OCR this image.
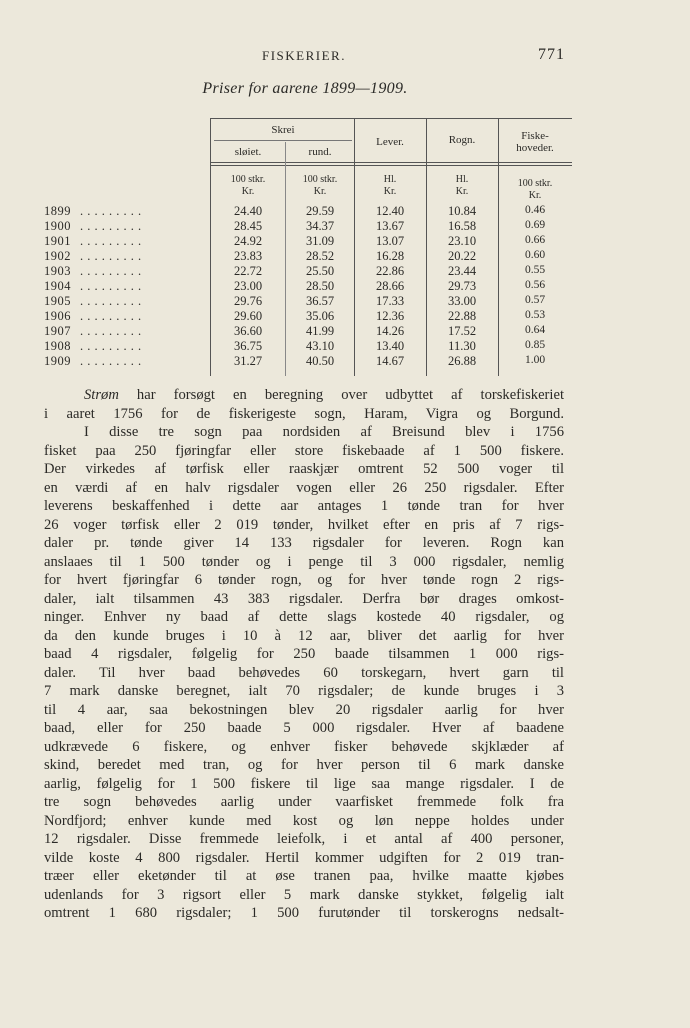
FISKERIER.	771
Priser for aarene 1899—1909.
Skrei
sløiet.	rund.
Lever.	Rogn.	Fiske-
hoveder.
100 stkr.
Kr.
100 stkr.
Kr.
Hl.
Kr.
Hl.
Kr.
100 stkr.
Kr.
1899 . . . . . . . . .	24.40	29.59	12.40	10.84	0.46
1900 . . . . . . . . .	28.45	34.37	13.67	16.58	0.69
1901 . . . . . . . . .	24.92	31.09	13.07	23.10	0.66
1902 . . . . . . . . .	23.83	28.52	16.28	20.22	0.60
1903 . . . . . . . . .	22.72	25.50	22.86	23.44	0.55
1904 . . . . . . . . .	23.00	28.50	28.66	29.73	0.56
1905 . . . . . . . . .	29.76	36.57	17.33	33.00	0.57
1906 . . . . . . . . .	29.60	35.06	12.36	22.88	0.53
1907 . . . . . . . . .	36.60	41.99	14.26	17.52	0.64
1908 . . . . . . . . .	36.75	43.10	13.40	11.30	0.85
1909 . . . . . . . . .	31.27	40.50	14.67	26.88	1.00
Strøm har forsøgt en beregning over udbyttet af torskefiskeriet
i aaret 1756 for de fiskerigeste sogn, Haram, Vigra og Borgund.
I disse tre sogn paa nordsiden af Breisund blev i 1756
fisket paa 250 fjøringfar eller store fiskebaade af 1 500 fiskere.
Der virkedes af tørfisk eller raaskjær omtrent 52 500 voger til
en værdi af en halv rigsdaler vogen eller 26 250 rigsdaler. Efter
leverens beskaffenhed i dette aar antages 1 tønde tran for hver
26 voger tørfisk eller 2 019 tønder, hvilket efter en pris af 7 rigs-
daler pr. tønde giver 14 133 rigsdaler for leveren. Rogn kan
anslaaes til 1 500 tønder og i penge til 3 000 rigsdaler, nemlig
for hvert fjøringfar 6 tønder rogn, og for hver tønde rogn 2 rigs-
daler, ialt tilsammen 43 383 rigsdaler. Derfra bør drages omkost-
ninger. Enhver ny baad af dette slags kostede 40 rigsdaler, og
da den kunde bruges i 10 à 12 aar, bliver det aarlig for hver
baad 4 rigsdaler, følgelig for 250 baade tilsammen 1 000 rigs-
daler. Til hver baad behøvedes 60 torskegarn, hvert garn til
7 mark danske beregnet, ialt 70 rigsdaler; de kunde bruges i 3
til 4 aar, saa bekostningen blev 20 rigsdaler aarlig for hver
baad, eller for 250 baade 5 000 rigsdaler. Hver af baadene
udkrævede 6 fiskere, og enhver fisker behøvede skjklæder af
skind, beredet med tran, og for hver person til 6 mark danske
aarlig, følgelig for 1 500 fiskere til lige saa mange rigsdaler. I de
tre sogn behøvedes aarlig under vaarfisket fremmede folk fra
Nordfjord; enhver kunde med kost og løn neppe holdes under
12 rigsdaler. Disse fremmede leiefolk, i et antal af 400 personer,
vilde koste 4 800 rigsdaler. Hertil kommer udgiften for 2 019 tran-
træer eller eketønder til at øse tranen paa, hvilke maatte kjøbes
udenlands for 3 rigsort eller 5 mark danske stykket, følgelig ialt
omtrent 1 680 rigsdaler; 1 500 furutønder til torskerogns nedsalt-
